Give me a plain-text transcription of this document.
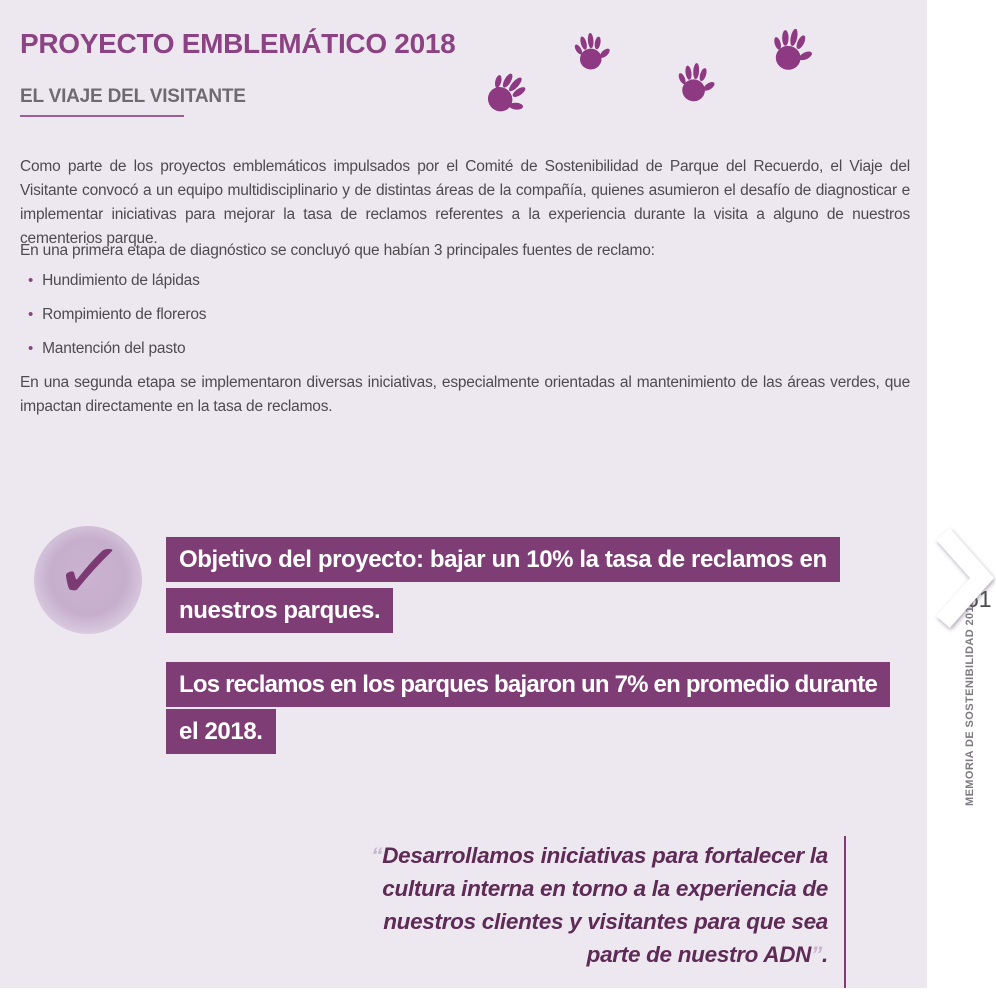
PROYECTO EMBLEMÁTICO 2018
EL VIAJE DEL VISITANTE

Como parte de los proyectos emblemáticos impulsados por el Comité de Sostenibilidad de Parque del Recuerdo, el Viaje del Visitante convocó a un equipo multidisciplinario y de distintas áreas de la compañía, quienes asumieron el desafío de diagnosticar e implementar iniciativas para mejorar la tasa de reclamos referentes a la experiencia durante la visita a alguno de nuestros cementerios parque.

En una primera etapa de diagnóstico se concluyó que habían 3 principales fuentes de reclamo:

• Hundimiento de lápidas
• Rompimiento de floreros
• Mantención del pasto

En una segunda etapa se implementaron diversas iniciativas, especialmente orientadas al mantenimiento de las áreas verdes, que impactan directamente en la tasa de reclamos.

✓	Objetivo del proyecto: bajar un 10% la tasa de reclamos en
nuestros parques.
Los reclamos en los parques bajaron un 7% en promedio durante
el 2018.
“Desarrollamos iniciativas para fortalecer la
cultura interna en torno a la experiencia de
nuestros clientes y visitantes para que sea
parte de nuestro ADN”.
61
MEMORIA DE SOSTENIBILIDAD 2018
